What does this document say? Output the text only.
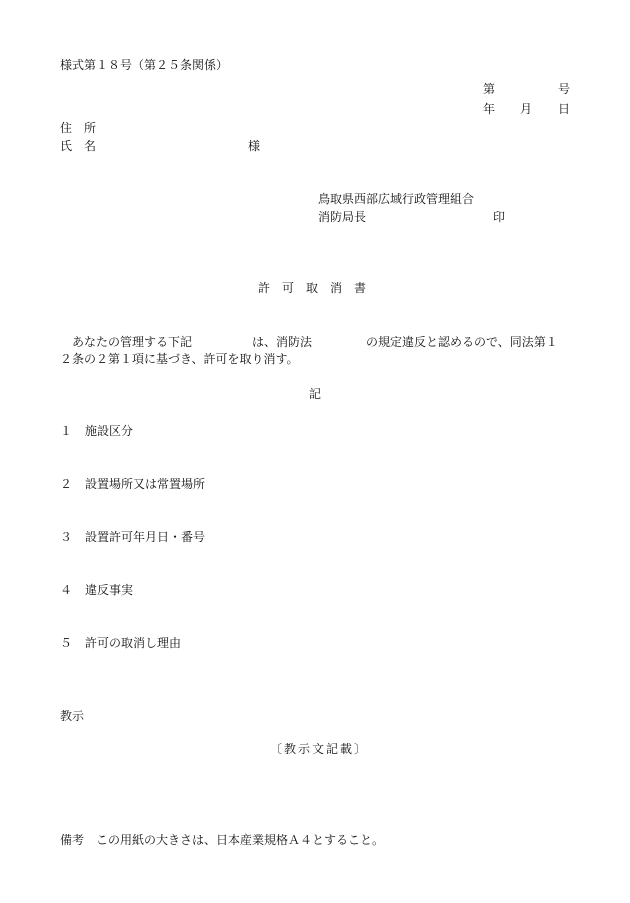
様式第１８号（第２５条関係）
第	号
年 月 日
住　所
氏　名	様
鳥取県西部広域行政管理組合
消防局長	印
許　可　取　消　書
あなたの管理する下記	は、消防法	の規定違反と認めるので、同法第１
２条の２第１項に基づき、許可を取り消す。
記
１ 施設区分
２ 設置場所又は常置場所
３ 設置許可年月日・番号
４ 違反事実
５ 許可の取消し理由
教示
〔教示文記載〕
備考　この用紙の大きさは、日本産業規格Ａ４とすること。
